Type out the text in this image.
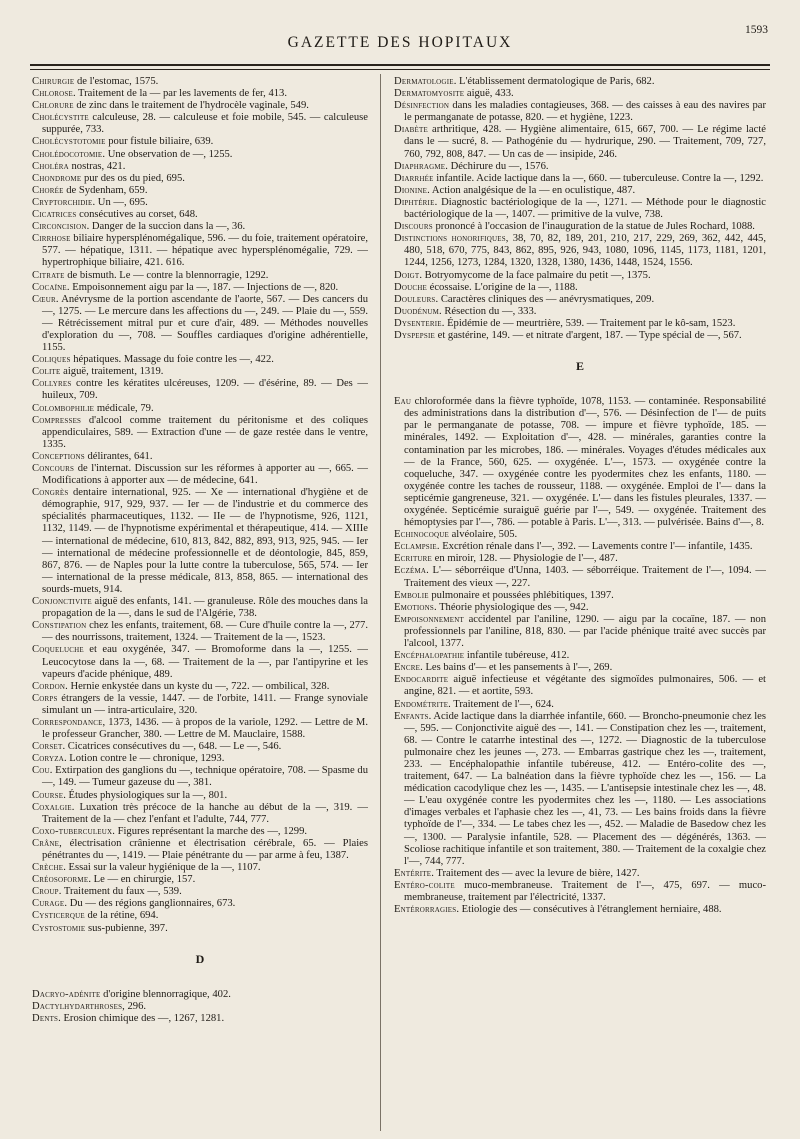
GAZETTE DES HOPITAUX
1593

Chirurgie de l'estomac, 1575.

Chlorose. Traitement de la — par les lavements de fer, 413.

Chlorure de zinc dans le traitement de l'hydrocèle vaginale, 549.

Cholécystite calculeuse, 28. — calculeuse et foie mobile, 545. — calculeuse suppurée, 733.

Cholécystotomie pour fistule biliaire, 639.

Cholédocotomie. Une observation de —, 1255.

Choléra nostras, 421.

Chondrome pur des os du pied, 695.

Chorée de Sydenham, 659.

Cryptorchidie. Un —, 695.

Cicatrices consécutives au corset, 648.

Circoncision. Danger de la succion dans la —, 36.

Cirrhose biliaire hypersplénomégalique, 596. — du foie, traitement opératoire, 577. — hépatique, 1311. — hépatique avec hypersplénomégalie, 729. — hypertrophique biliaire, 421. 616.

Citrate de bismuth. Le — contre la blennorragie, 1292.

Cocaïne. Empoisonnement aigu par la —, 187. — Injections de —, 820.

Cœur. Anévrysme de la portion ascendante de l'aorte, 567. — Des cancers du —, 1275. — Le mercure dans les affections du —, 249. — Plaie du —, 559. — Rétrécissement mitral pur et cure d'air, 489. — Méthodes nouvelles d'exploration du —, 708. — Souffles cardiaques d'origine adhérentielle, 1155.

Coliques hépatiques. Massage du foie contre les —, 422.

Colite aiguë, traitement, 1319.

Collyres contre les kératites ulcéreuses, 1209. — d'ésérine, 89. — Des — huileux, 709.

Colombophilie médicale, 79.

Compresses d'alcool comme traitement du péritonisme et des coliques appendiculaires, 589. — Extraction d'une — de gaze restée dans le ventre, 1335.

Conceptions délirantes, 641.

Concours de l'internat. Discussion sur les réformes à apporter au —, 665. — Modifications à apporter aux — de médecine, 641.

Congrès dentaire international, 925. — Xe — international d'hygiène et de démographie, 917, 929, 937. — Ier — de l'industrie et du commerce des spécialités pharmaceutiques, 1132. — IIe — de l'hypnotisme, 926, 1121, 1132, 1149. — de l'hypnotisme expérimental et thérapeutique, 414. — XIIIe — international de médecine, 610, 813, 842, 882, 893, 913, 925, 945. — Ier — international de médecine professionnelle et de déontologie, 845, 859, 867, 876. — de Naples pour la lutte contre la tuberculose, 565, 574. — Ier — international de la presse médicale, 813, 858, 865. — international des sourds-muets, 914.

Conjonctivite aiguë des enfants, 141. — granuleuse. Rôle des mouches dans la propagation de la —, dans le sud de l'Algérie, 738.

Constipation chez les enfants, traitement, 68. — Cure d'huile contre la —, 277. — des nourrissons, traitement, 1324. — Traitement de la —, 1523.

Coqueluche et eau oxygénée, 347. — Bromoforme dans la —, 1255. — Leucocytose dans la —, 68. — Traitement de la —, par l'antipyrine et les vapeurs d'acide phénique, 489.

Cordon. Hernie enkystée dans un kyste du —, 722. — ombilical, 328.

Corps étrangers de la vessie, 1447. — de l'orbite, 1411. — Frange synoviale simulant un — intra-articulaire, 320.

Correspondance, 1373, 1436. — à propos de la variole, 1292. — Lettre de M. le professeur Grancher, 380. — Lettre de M. Mauclaire, 1588.

Corset. Cicatrices consécutives du —, 648. — Le —, 546.

Coryza. Lotion contre le — chronique, 1293.

Cou. Extirpation des ganglions du —, technique opératoire, 708. — Spasme du —, 149. — Tumeur gazeuse du —, 381.

Course. Études physiologiques sur la —, 801.

Coxalgie. Luxation très précoce de la hanche au début de la —, 319. — Traitement de la — chez l'enfant et l'adulte, 744, 777.

Coxo-tuberculeux. Figures représentant la marche des —, 1299.

Crâne, électrisation crânienne et électrisation cérébrale, 65. — Plaies pénétrantes du —, 1419. — Plaie pénétrante du — par arme à feu, 1387.

Crèche. Essai sur la valeur hygiénique de la —, 1107.

Créosoforme. Le — en chirurgie, 157.

Croup. Traitement du faux —, 539.

Curage. Du — des régions ganglionnaires, 673.

Cysticerque de la rétine, 694.

Cystostomie sus-pubienne, 397.

D

Dacryo-adénite d'origine blennorragique, 402.

Dactylhydarthroses, 296.

Dents. Erosion chimique des —, 1267, 1281.

Dermatologie. L'établissement dermatologique de Paris, 682.

Dermatomyosite aiguë, 433.

Désinfection dans les maladies contagieuses, 368. — des caisses à eau des navires par le permanganate de potasse, 820. — et hygiène, 1223.

Diabète arthritique, 428. — Hygiène alimentaire, 615, 667, 700. — Le régime lacté dans le — sucré, 8. — Pathogénie du — hydrurique, 290. — Traitement, 709, 727, 760, 792, 808, 847. — Un cas de — insipide, 246.

Diaphragme. Déchirure du —, 1576.

Diarrhée infantile. Acide lactique dans la —, 660. — tuberculeuse. Contre la —, 1292.

Dionine. Action analgésique de la — en oculistique, 487.

Diphtérie. Diagnostic bactériologique de la —, 1271. — Méthode pour le diagnostic bactériologique de la —, 1407. — primitive de la vulve, 738.

Discours prononcé à l'occasion de l'inauguration de la statue de Jules Rochard, 1088.

Distinctions honorifiques, 38, 70, 82, 189, 201, 210, 217, 229, 269, 362, 442, 445, 480, 518, 670, 775, 843, 862, 895, 926, 943, 1080, 1096, 1145, 1173, 1181, 1201, 1244, 1256, 1273, 1284, 1320, 1328, 1380, 1436, 1448, 1524, 1556.

Doigt. Botryomycome de la face palmaire du petit —, 1375.

Douche écossaise. L'origine de la —, 1188.

Douleurs. Caractères cliniques des — anévrysmatiques, 209.

Duodénum. Résection du —, 333.

Dysenterie. Épidémie de — meurtrière, 539. — Traitement par le kô-sam, 1523.

Dyspepsie et gastérine, 149. — et nitrate d'argent, 187. — Type spécial de —, 567.

E

Eau chloroformée dans la fièvre typhoïde, 1078, 1153. — contaminée. Responsabilité des administrations dans la distribution d'—, 576. — Désinfection de l'— de puits par le permanganate de potasse, 708. — impure et fièvre typhoïde, 185. — minérales, 1492. — Exploitation d'—, 428. — minérales, garanties contre la contamination par les microbes, 186. — minérales. Voyages d'études médicales aux — de la France, 560, 625. — oxygénée. L'—, 1573. — oxygénée contre la coqueluche, 347. — oxygénée contre les pyodermites chez les enfants, 1180. — oxygénée contre les taches de rousseur, 1188. — oxygénée. Emploi de l'— dans la septicémie gangreneuse, 321. — oxygénée. L'— dans les fistules pleurales, 1337. — oxygénée. Septicémie suraiguë guérie par l'—, 549. — oxygénée. Traitement des hémoptysies par l'—, 786. — potable à Paris. L'—, 313. — pulvérisée. Bains d'—, 8.

Echinocoque alvéolaire, 505.

Eclampsie. Excrétion rénale dans l'—, 392. — Lavements contre l'— infantile, 1435.

Ecriture en miroir, 128. — Physiologie de l'—, 487.

Eczéma. L'— séborréique d'Unna, 1403. — séborréique. Traitement de l'—, 1094. — Traitement des vieux —, 227.

Embolie pulmonaire et poussées phlébitiques, 1397.

Emotions. Théorie physiologique des —, 942.

Empoisonnement accidentel par l'aniline, 1290. — aigu par la cocaïne, 187. — non professionnels par l'aniline, 818, 830. — par l'acide phénique traité avec succès par l'alcool, 1377.

Encéphalopathie infantile tubéreuse, 412.

Encre. Les bains d'— et les pansements à l'—, 269.

Endocardite aiguë infectieuse et végétante des sigmoïdes pulmonaires, 506. — et angine, 821. — et aortite, 593.

Endométrite. Traitement de l'—, 624.

Enfants. Acide lactique dans la diarrhée infantile, 660. — Broncho-pneumonie chez les —, 595. — Conjonctivite aiguë des —, 141. — Constipation chez les —, traitement, 68. — Contre le catarrhe intestinal des —, 1272. — Diagnostic de la tuberculose pulmonaire chez les jeunes —, 273. — Embarras gastrique chez les —, traitement, 233. — Encéphalopathie infantile tubéreuse, 412. — Entéro-colite des —, traitement, 647. — La balnéation dans la fièvre typhoïde chez les —, 156. — La médication cacodylique chez les —, 1435. — L'antisepsie intestinale chez les —, 48. — L'eau oxygénée contre les pyodermites chez les —, 1180. — Les associations d'images verbales et l'aphasie chez les —, 41, 73. — Les bains froids dans la fièvre typhoïde de l'—, 334. — Le tabes chez les —, 452. — Maladie de Basedow chez les —, 1300. — Paralysie infantile, 528. — Placement des — dégénérés, 1363. — Scoliose rachitique infantile et son traitement, 380. — Traitement de la coxalgie chez l'—, 744, 777.

Entérite. Traitement des — avec la levure de bière, 1427.

Entéro-colite muco-membraneuse. Traitement de l'—, 475, 697. — muco-membraneuse, traitement par l'électricité, 1337.

Entérorragies. Etiologie des — consécutives à l'étranglement herniaire, 488.
